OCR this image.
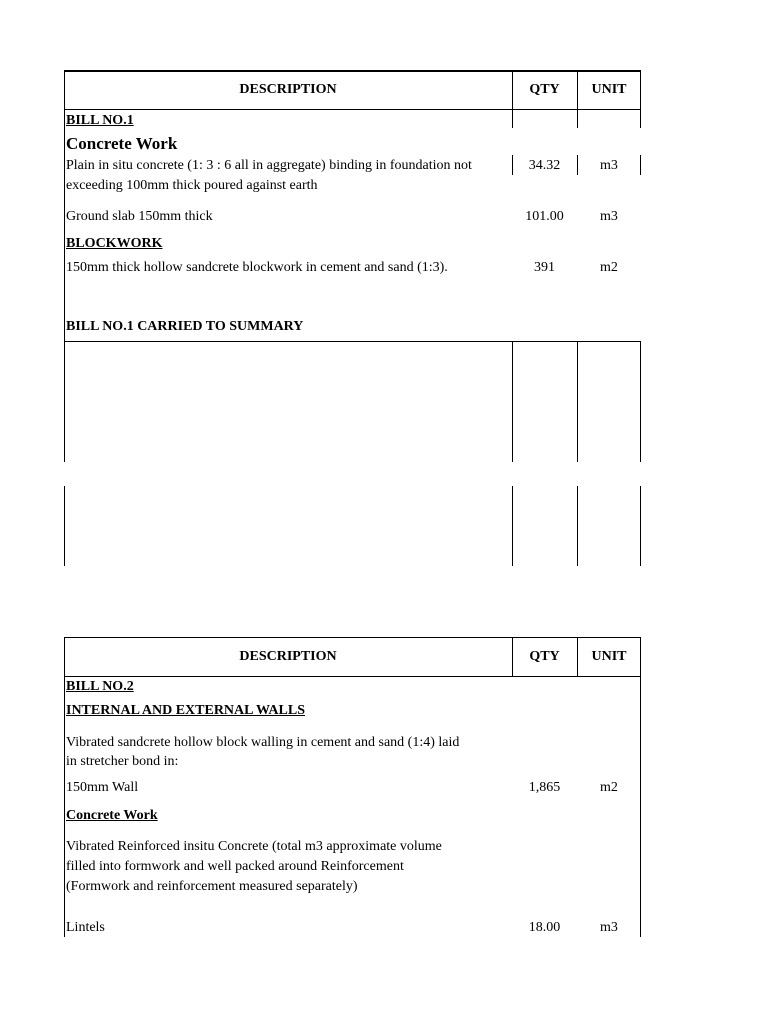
DESCRIPTION	QTY	UNIT
BILL NO.1
Concrete Work
Plain in situ concrete (1: 3 : 6 all in aggregate) binding in foundation not
exceeding 100mm thick poured against earth
34.32	m3
Ground slab 150mm thick	101.00	m3
BLOCKWORK
150mm thick hollow sandcrete blockwork in cement and sand (1:3).	391	m2
BILL NO.1 CARRIED TO SUMMARY
DESCRIPTION	QTY	UNIT
BILL NO.2
INTERNAL AND EXTERNAL WALLS
Vibrated sandcrete hollow block walling in cement and sand (1:4) laid
in stretcher bond in:
150mm Wall	1,865	m2
Concrete Work
Vibrated Reinforced insitu Concrete (total m3 approximate volume
filled into formwork and well packed around Reinforcement
(Formwork and reinforcement measured separately)
Lintels	18.00	m3
